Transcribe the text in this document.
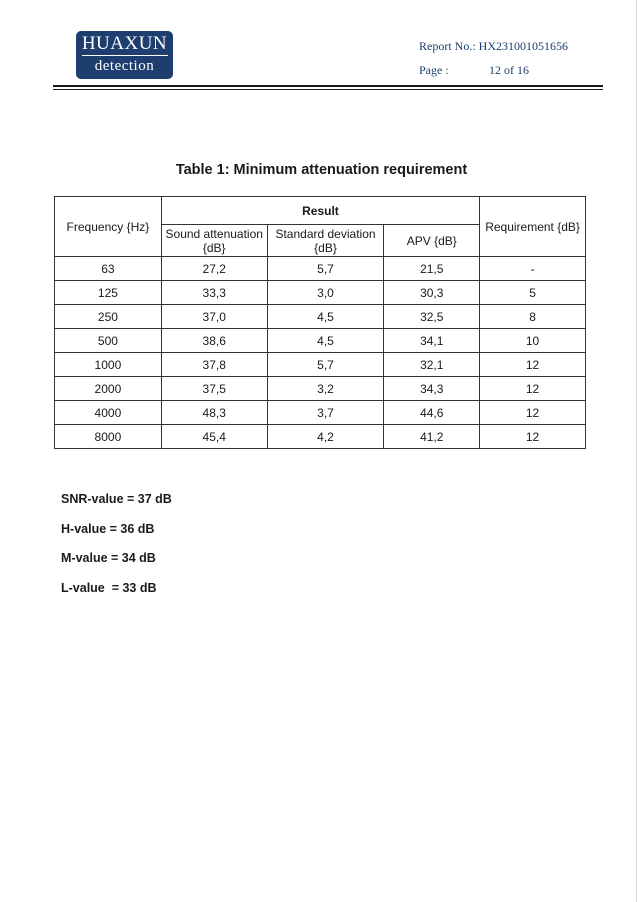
HUAXUN
detection
Report No.: HX231001051656
Page :	12 of 16
Table 1: Minimum attenuation requirement
Frequency {Hz}	Result			Requirement {dB}
	Sound attenuation {dB}	Standard deviation {dB}	APV {dB}	
63	27,2	5,7	21,5	-
125	33,3	3,0	30,3	5
250	37,0	4,5	32,5	8
500	38,6	4,5	34,1	10
1000	37,8	5,7	32,1	12
2000	37,5	3,2	34,3	12
4000	48,3	3,7	44,6	12
8000	45,4	4,2	41,2	12
SNR-value = 37 dB
H-value = 36 dB
M-value = 34 dB
L-value  = 33 dB
